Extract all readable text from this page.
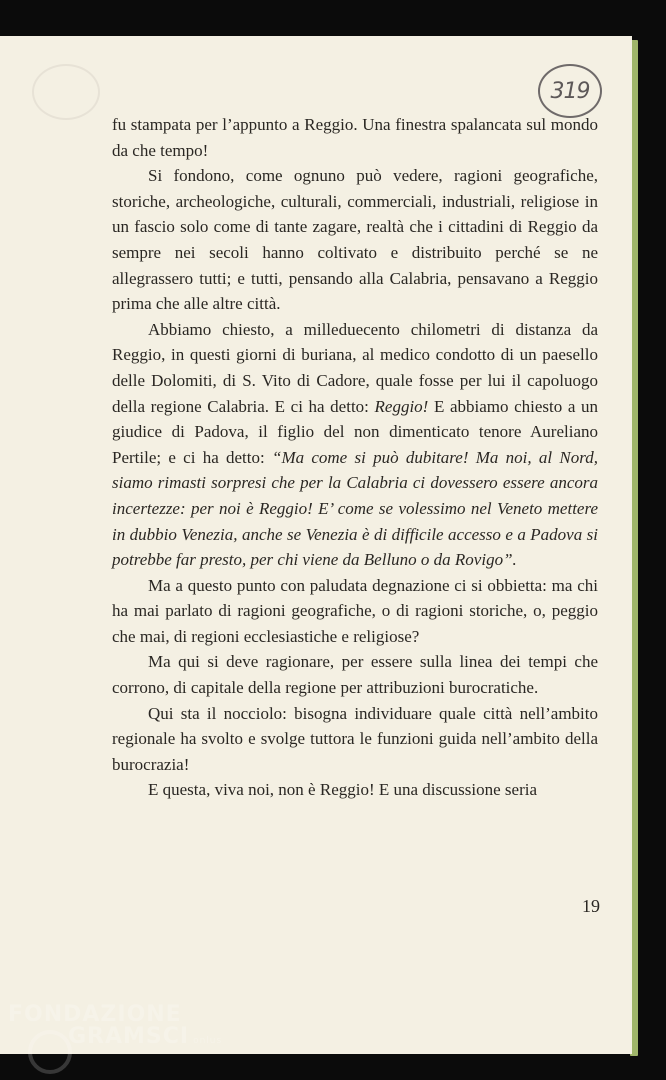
319

fu stampata per l’appunto a Reggio. Una finestra spalancata sul mondo da che tempo!

Si fondono, come ognuno può vedere, ragioni geografiche, storiche, archeologiche, culturali, commerciali, industriali, religiose in un fascio solo come di tante zagare, realtà che i cittadini di Reggio da sempre nei secoli hanno coltivato e distribuito perché se ne allegrassero tutti; e tutti, pensando alla Calabria, pensavano a Reggio prima che alle altre città.

Abbiamo chiesto, a milleduecento chilometri di distanza da Reggio, in questi giorni di buriana, al medico condotto di un paesello delle Dolomiti, di S. Vito di Cadore, quale fosse per lui il capoluogo della regione Calabria. E ci ha detto: Reggio! E abbiamo chiesto a un giudice di Padova, il figlio del non dimenticato tenore Aureliano Pertile; e ci ha detto: “Ma come si può dubitare! Ma noi, al Nord, siamo rimasti sorpresi che per la Calabria ci dovessero essere ancora incertezze: per noi è Reggio! E’ come se volessimo nel Veneto mettere in dubbio Venezia, anche se Venezia è di difficile accesso e a Padova si potrebbe far presto, per chi viene da Belluno o da Rovigo”.

Ma a questo punto con paludata degnazione ci si obbietta: ma chi ha mai parlato di ragioni geografiche, o di ragioni storiche, o, peggio che mai, di regioni ecclesiastiche e religiose?

Ma qui si deve ragionare, per essere sulla linea dei tempi che corrono, di capitale della regione per attribuzioni burocratiche.

Qui sta il nocciolo: bisogna individuare quale città nell’ambito regionale ha svolto e svolge tuttora le funzioni guida nell’ambito della burocrazia!

E questa, viva noi, non è Reggio! E una discussione seria

19
FONDAZIONE
GRAMSCI onlus
